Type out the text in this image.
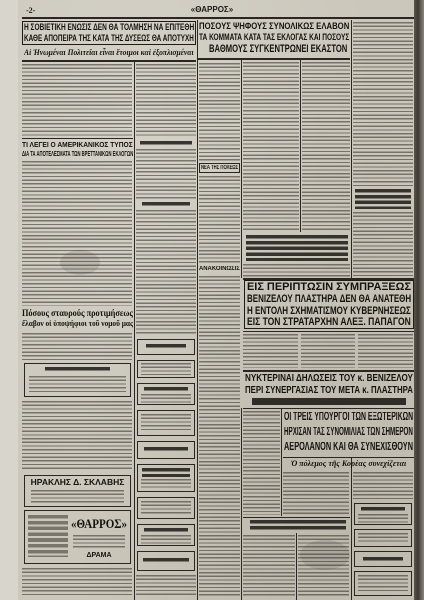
-2-	«ΘΑΡΡΟΣ»
Η ΣΟΒΙΕΤΙΚΗ ΕΝΩΣΙΣ ΔΕΝ ΘΑ ΤΟΛΜΗΣΗ ΝΑ ΕΠΙΤΕΘΗ
ΚΑΘΕ ΑΠΟΠΕΙΡΑ ΤΗΣ ΚΑΤΑ ΤΗΣ ΔΥΣΕΩΣ ΘΑ ΑΠΟΤΥΧΗ
Αἱ Ἡνωμέναι Πολιτεῖαι εἶναι ἕτοιμοι καὶ ἐξοπλισμέναι
ΠΟΣΟΥΣ ΨΗΦΟΥΣ ΣΥΝΟΛΙΚΩΣ ΕΛΑΒΟΝ
ΤΑ ΚΟΜΜΑΤΑ ΚΑΤΑ ΤΑΣ ΕΚΛΟΓΑΣ ΚΑΙ ΠΟΣΟΥΣ
ΒΑΘΜΟΥΣ ΣΥΓΚΕΝΤΡΩΝΕΙ ΕΚΑΣΤΟΝ
ΤΙ ΛΕΓΕΙ Ο ΑΜΕΡΙΚΑΝΙΚΟΣ ΤΥΠΟΣ
ΔΙΑ ΤΑ ΑΠΟΤΕΛΕΣΜΑΤΑ ΤΩΝ ΒΡΕΤΤΑΝΙΚΩΝ ΕΚΛΟΓΩΝ
Πόσους σταυρούς προτιμήσεως
ἔλαβον οἱ ὑποψήφιοι τοῦ νομοῦ μας
ΗΡΑΚΛΗΣ Δ. ΣΚΛΑΒΗΣ
«ΘΑΡΡΟΣ»
ΔΡΑΜΑ
ΝΕΑ ΤΗΣ ΠΟΛΕΩΣ
ΑΝΑΚΟΙΝΩΣΙΣ
ΕΙΣ ΠΕΡΙΠΤΩΣΙΝ ΣΥΜΠΡΑΞΕΩΣ
ΒΕΝΙΖΕΛΟΥ ΠΛΑΣΤΗΡΑ ΔΕΝ ΘΑ ΑΝΑΤΕΘΗ
Η ΕΝΤΟΛΗ ΣΧΗΜΑΤΙΣΜΟΥ ΚΥΒΕΡΝΗΣΕΩΣ
ΕΙΣ ΤΟΝ ΣΤΡΑΤΑΡΧΗΝ ΑΛΕΞ. ΠΑΠΑΓΟΝ
ΝΥΚΤΕΡΙΝΑΙ ΔΗΛΩΣΕΙΣ ΤΟΥ κ. ΒΕΝΙΖΕΛΟΥ
ΠΕΡΙ ΣΥΝΕΡΓΑΣΙΑΣ ΤΟΥ ΜΕΤΑ κ. ΠΛΑΣΤΗΡΑ
ΟΙ ΤΡΕΙΣ ΥΠΟΥΡΓΟΙ ΤΩΝ ΕΞΩΤΕΡΙΚΩΝ
ΗΡΧΙΣΑΝ ΤΑΣ ΣΥΝΟΜΙΛΙΑΣ ΤΩΝ ΣΗΜΕΡΟΝ
ΑΕΡΟΛΑΝΟΝ ΚΑΙ ΘΑ ΣΥΝΕΧΙΣΘΟΥΝ
Ὁ πόλεμος τῆς Κορέας συνεχίζεται
